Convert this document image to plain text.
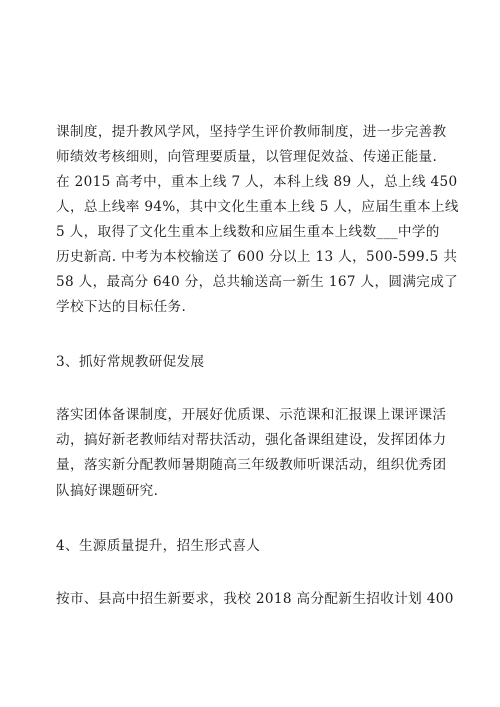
课制度，提升教风学风，坚持学生评价教师制度，进一步完善教
师绩效考核细则，向管理要质量，以管理促效益、传递正能量.
在 2015 高考中，重本上线 7 人，本科上线 89 人，总上线 450
人，总上线率 94%，其中文化生重本上线 5 人，应届生重本上线
5 人，取得了文化生重本上线数和应届生重本上线数___中学的
历史新高. 中考为本校输送了 600 分以上 13 人，500-599.5 共
58 人，最高分 640 分，总共输送高一新生 167 人，圆满完成了
学校下达的目标任务.
3、抓好常规教研促发展
落实团体备课制度，开展好优质课、示范课和汇报课上课评课活
动，搞好新老教师结对帮扶活动，强化备课组建设，发挥团体力
量，落实新分配教师暑期随高三年级教师听课活动，组织优秀团
队搞好课题研究.
4、生源质量提升，招生形式喜人
按市、县高中招生新要求，我校 2018 高分配新生招收计划 400
